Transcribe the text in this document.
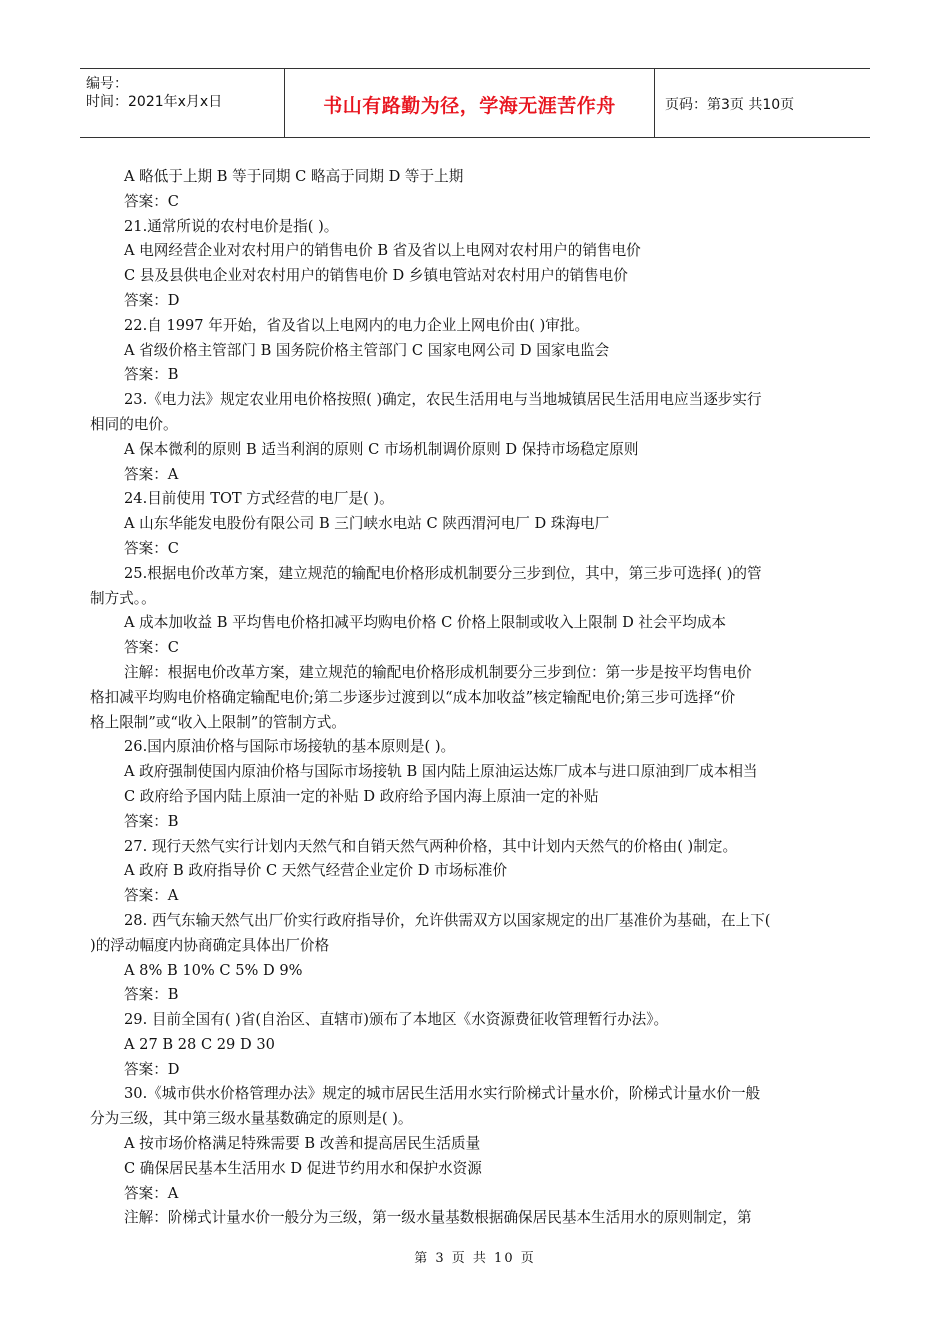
编号：
时间：2021年x月x日	书山有路勤为径，学海无涯苦作舟	页码：第3页 共10页
A 略低于上期 B 等于同期 C 略高于同期 D 等于上期
答案：C
21.通常所说的农村电价是指( )。
A 电网经营企业对农村用户的销售电价 B 省及省以上电网对农村用户的销售电价
C 县及县供电企业对农村用户的销售电价 D 乡镇电管站对农村用户的销售电价
答案：D
22.自 1997 年开始，省及省以上电网内的电力企业上网电价由( )审批。
A 省级价格主管部门 B 国务院价格主管部门 C 国家电网公司 D 国家电监会
答案：B
23.《电力法》规定农业用电价格按照( )确定，农民生活用电与当地城镇居民生活用电应当逐步实行
相同的电价。
A 保本微利的原则 B 适当利润的原则 C 市场机制调价原则 D 保持市场稳定原则
答案：A
24.目前使用 TOT 方式经营的电厂是( )。
A 山东华能发电股份有限公司 B 三门峡水电站 C 陕西渭河电厂 D 珠海电厂
答案：C
25.根据电价改革方案，建立规范的输配电价格形成机制要分三步到位，其中，第三步可选择( )的管
制方式。。
A 成本加收益 B 平均售电价格扣减平均购电价格 C 价格上限制或收入上限制 D 社会平均成本
答案：C
注解：根据电价改革方案，建立规范的输配电价格形成机制要分三步到位：第一步是按平均售电价
格扣减平均购电价格确定输配电价;第二步逐步过渡到以“成本加收益”核定输配电价;第三步可选择“价
格上限制”或“收入上限制”的管制方式。
26.国内原油价格与国际市场接轨的基本原则是( )。
A 政府强制使国内原油价格与国际市场接轨 B 国内陆上原油运达炼厂成本与进口原油到厂成本相当
C 政府给予国内陆上原油一定的补贴 D 政府给予国内海上原油一定的补贴
答案：B
27. 现行天然气实行计划内天然气和自销天然气两种价格，其中计划内天然气的价格由( )制定。
A 政府 B 政府指导价 C 天然气经营企业定价 D 市场标准价
答案：A
28. 西气东输天然气出厂价实行政府指导价，允许供需双方以国家规定的出厂基准价为基础，在上下(
)的浮动幅度内协商确定具体出厂价格
A 8% B 10% C 5% D 9%
答案：B
29. 目前全国有( )省(自治区、直辖市)颁布了本地区《水资源费征收管理暂行办法》。
A 27 B 28 C 29 D 30
答案：D
30.《城市供水价格管理办法》规定的城市居民生活用水实行阶梯式计量水价，阶梯式计量水价一般
分为三级，其中第三级水量基数确定的原则是( )。
A 按市场价格满足特殊需要 B 改善和提高居民生活质量
C 确保居民基本生活用水 D 促进节约用水和保护水资源
答案：A
注解：阶梯式计量水价一般分为三级，第一级水量基数根据确保居民基本生活用水的原则制定，第
第 3 页 共 10 页
